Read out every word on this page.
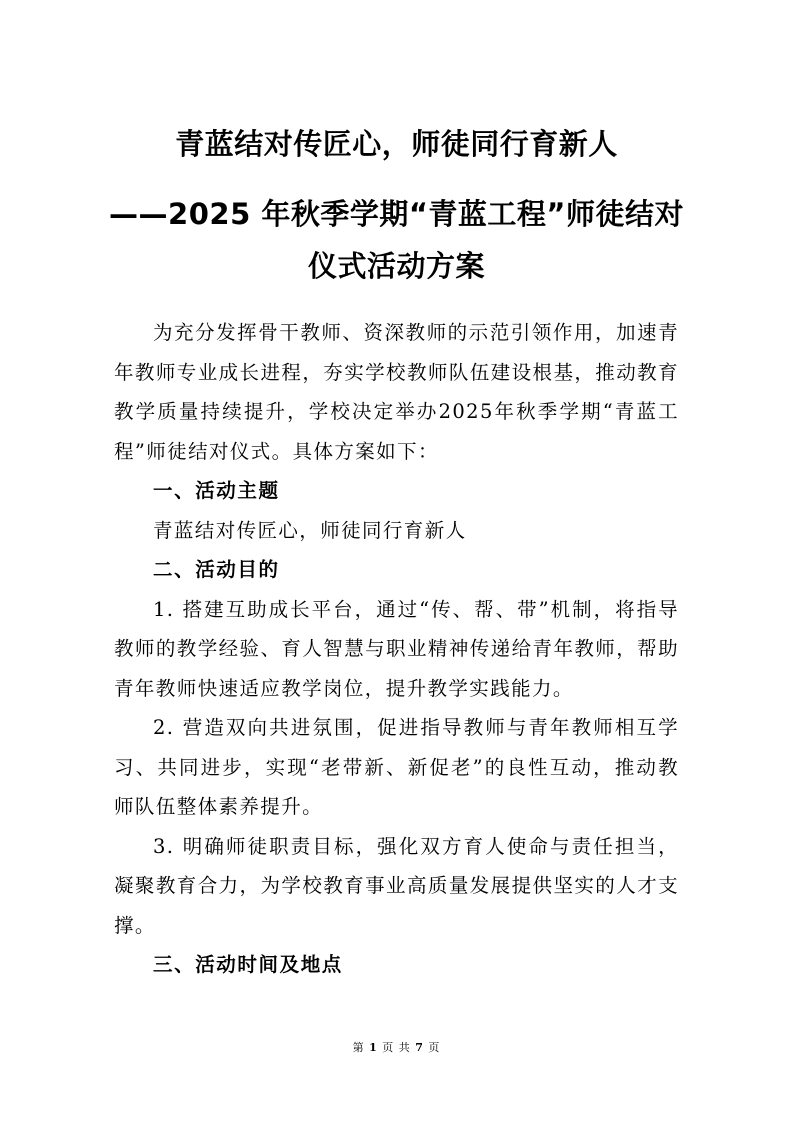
青蓝结对传匠心，师徒同行育新人
——2025 年秋季学期“青蓝工程”师徒结对
仪式活动方案

为充分发挥骨干教师、资深教师的示范引领作用，加速青年教师专业成长进程，夯实学校教师队伍建设根基，推动教育教学质量持续提升，学校决定举办2025年秋季学期“青蓝工程”师徒结对仪式。具体方案如下：

一、活动主题

青蓝结对传匠心，师徒同行育新人

二、活动目的

1. 搭建互助成长平台，通过“传、帮、带”机制，将指导教师的教学经验、育人智慧与职业精神传递给青年教师，帮助青年教师快速适应教学岗位，提升教学实践能力。

2. 营造双向共进氛围，促进指导教师与青年教师相互学习、共同进步，实现“老带新、新促老”的良性互动，推动教师队伍整体素养提升。

3. 明确师徒职责目标，强化双方育人使命与责任担当，凝聚教育合力，为学校教育事业高质量发展提供坚实的人才支撑。

三、活动时间及地点

第 1 页 共 7 页
